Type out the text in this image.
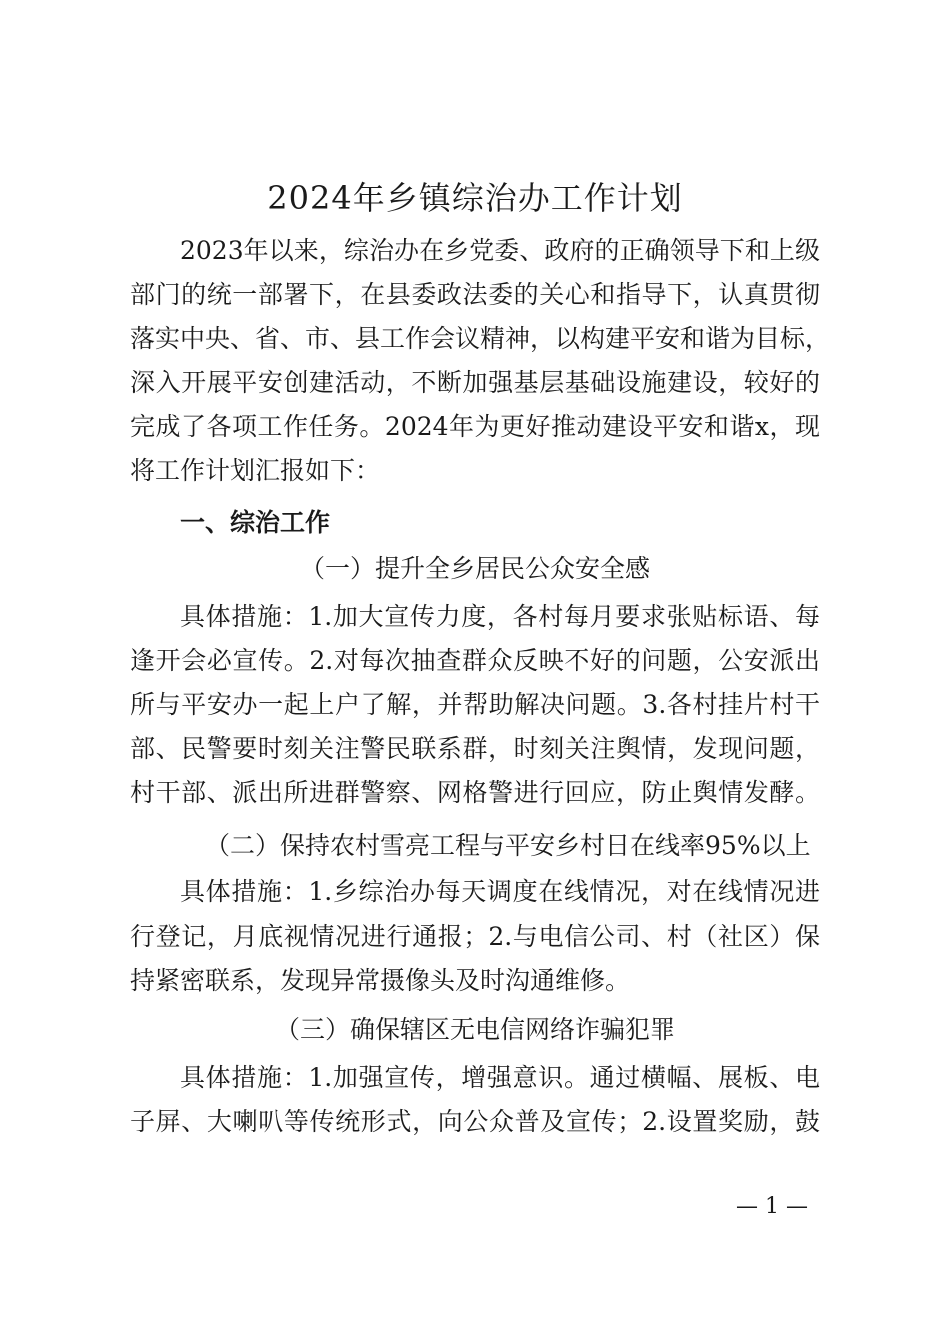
2024年乡镇综治办工作计划
2023年以来，综治办在乡党委、政府的正确领导下和上级
部门的统一部署下，在县委政法委的关心和指导下，认真贯彻
落实中央、省、市、县工作会议精神，以构建平安和谐为目标，
深入开展平安创建活动，不断加强基层基础设施建设，较好的
完成了各项工作任务。2024年为更好推动建设平安和谐x，现
将工作计划汇报如下：
一、综治工作
（一）提升全乡居民公众安全感
具体措施：1.加大宣传力度，各村每月要求张贴标语、每
逢开会必宣传。2.对每次抽查群众反映不好的问题，公安派出
所与平安办一起上户了解，并帮助解决问题。3.各村挂片村干
部、民警要时刻关注警民联系群，时刻关注舆情，发现问题，
村干部、派出所进群警察、网格警进行回应，防止舆情发酵。
（二）保持农村雪亮工程与平安乡村日在线率95%以上
具体措施：1.乡综治办每天调度在线情况，对在线情况进
行登记，月底视情况进行通报；2.与电信公司、村（社区）保
持紧密联系，发现异常摄像头及时沟通维修。
（三）确保辖区无电信网络诈骗犯罪
具体措施：1.加强宣传，增强意识。通过横幅、展板、电
子屏、大喇叭等传统形式，向公众普及宣传；2.设置奖励，鼓
— 1 —
